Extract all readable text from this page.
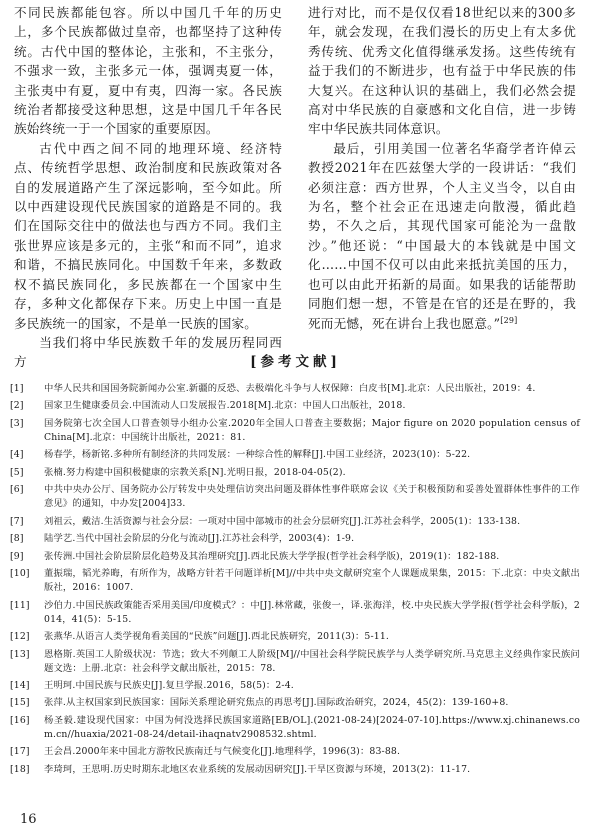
不同民族都能包容。所以中国几千年的历史上，多个民族都做过皇帝，也都坚持了这种传统。古代中国的整体论，主张和，不主张分，不强求一致，主张多元一体，强调夷夏一体，主张夷中有夏，夏中有夷，四海一家。各民族统治者都接受这种思想，这是中国几千年各民族始终统一于一个国家的重要原因。

古代中西之间不同的地理环境、经济特点、传统哲学思想、政治制度和民族政策对各自的发展道路产生了深远影响，至今如此。所以中西建设现代民族国家的道路是不同的。我们在国际交往中的做法也与西方不同。我们主张世界应该是多元的，主张“和而不同”，追求和谐，不搞民族同化。中国数千年来，多数政权不搞民族同化，多民族都在一个国家中生存，多种文化都保存下来。历史上中国一直是多民族统一的国家，不是单一民族的国家。

当我们将中华民族数千年的发展历程同西方

进行对比，而不是仅仅看18世纪以来的300多年，就会发现，在我们漫长的历史上有太多优秀传统、优秀文化值得继承发扬。这些传统有益于我们的不断进步，也有益于中华民族的伟大复兴。在这种认识的基础上，我们必然会提高对中华民族的自豪感和文化自信，进一步铸牢中华民族共同体意识。

最后，引用美国一位著名华裔学者许倬云教授2021年在匹兹堡大学的一段讲话：“我们必须注意：西方世界，个人主义当令，以自由为名，整个社会正在迅速走向散漫，循此趋势，不久之后，其现代国家可能沦为一盘散沙。”他还说：“中国最大的本钱就是中国文化……中国不仅可以由此来抵抗美国的压力，也可以由此开拓新的局面。如果我的话能帮助同胞们想一想，不管是在官的还是在野的，我死而无憾，死在讲台上我也愿意。”[29]

[参考文献]
[1]	中华人民共和国国务院新闻办公室.新疆的反恐、去极端化斗争与人权保障：白皮书[M].北京：人民出版社，2019：4.
[2]	国家卫生健康委员会.中国流动人口发展报告.2018[M].北京：中国人口出版社，2018.
[3]	国务院第七次全国人口普查领导小组办公室.2020年全国人口普查主要数据；Major figure on 2020 population census of China[M].北京：中国统计出版社，2021：81.
[4]	杨春学，杨新铭.多种所有制经济的共同发展：一种综合性的解释[J].中国工业经济，2023(10)：5-22.
[5]	张楠.努力构建中国积极健康的宗教关系[N].光明日报，2018-04-05(2).
[6]	中共中央办公厅、国务院办公厅转发中央处理信访突出问题及群体性事件联席会议《关于积极预防和妥善处置群体性事件的工作意见》的通知，中办发[2004]33.
[7]	刘祖云，戴洁.生活资源与社会分层：一项对中国中部城市的社会分层研究[J].江苏社会科学，2005(1)：133-138.
[8]	陆学艺.当代中国社会阶层的分化与流动[J].江苏社会科学，2003(4)：1-9.
[9]	张传洲.中国社会阶层阶层化趋势及其治理研究[J].西北民族大学学报(哲学社会科学版)，2019(1)：182-188.
[10]	董振瑞，韬光养晦，有所作为，战略方针若干问题详析[M]//中共中央文献研究室个人课题成果集，2015：下.北京：中央文献出版社，2016：1007.
[11]	沙伯力.中国民族政策能否采用美国/印度模式？：中[J].林常藏，张俊一，译.张海洋，校.中央民族大学学报(哲学社会科学版)，2014，41(5)：5-15.
[12]	张燕华.从语言人类学视角看美国的“民族”问题[J].西北民族研究，2011(3)：5-11.
[13]	恩格斯.英国工人阶级状况：节选；致大不列颠工人阶级[M]//中国社会科学院民族学与人类学研究所.马克思主义经典作家民族问题文选：上册.北京：社会科学文献出版社，2015：78.
[14]	王明珂.中国民族与民族史[J].复旦学报.2016，58(5)：2-4.
[15]	张萍.从主权国家到民族国家：国际关系理论研究焦点的再思考[J].国际政治研究，2024，45(2)：139-160+8.
[16]	杨圣毅.建设现代国家：中国为何没选择民族国家道路[EB/OL].(2021-08-24)[2024-07-10].https://www.xj.chinanews.com.cn//huaxia/2021-08-24/detail-ihaqnatv2908532.shtml.
[17]	王会昌.2000年来中国北方游牧民族南迁与气候变化[J].地理科学，1996(3)：83-88.
[18]	李琦珂，王思明.历史时期东北地区农业系统的发展动因研究[J].干旱区资源与环境，2013(2)：11-17.
16
